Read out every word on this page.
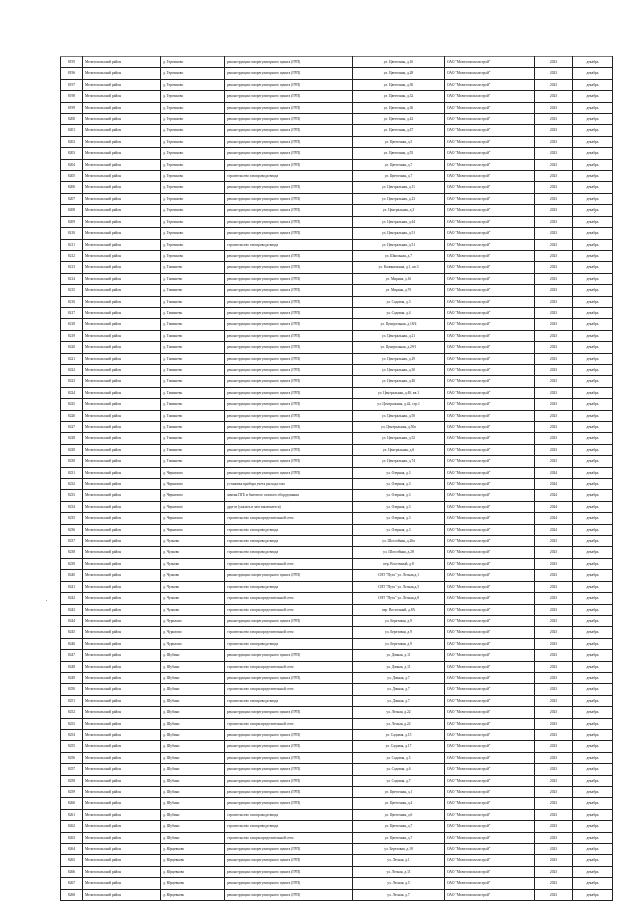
8195	Мелитопольский район	д. Терешково	реконструкция газорегуляторного пункта (ГРП)	ул. Цветочная, д.16	ОАО "Мелитопольгазстрой"	2023	декабрь
8196	Мелитопольский район	д. Терешково	реконструкция газорегуляторного пункта (ГРП)	ул. Цветочная, д.28	ОАО "Мелитопольгазстрой"	2023	декабрь
8197	Мелитопольский район	д. Терешково	реконструкция газорегуляторного пункта (ГРП)	ул. Цветочная, д.30	ОАО "Мелитопольгазстрой"	2023	декабрь
8198	Мелитопольский район	д. Терешково	реконструкция газорегуляторного пункта (ГРП)	ул. Цветочная, д.32	ОАО "Мелитопольгазстрой"	2023	декабрь
8199	Мелитопольский район	д. Терешково	реконструкция газорегуляторного пункта (ГРП)	ул. Цветочная, д.36	ОАО "Мелитопольгазстрой"	2023	декабрь
8200	Мелитопольский район	д. Терешково	реконструкция газорегуляторного пункта (ГРП)	ул. Цветочная, д.42	ОАО "Мелитопольгазстрой"	2023	декабрь
8201	Мелитопольский район	д. Терешково	реконструкция газорегуляторного пункта (ГРП)	ул. Цветочная, д.47	ОАО "Мелитопольгазстрой"	2023	декабрь
8202	Мелитопольский район	д. Терешково	реконструкция газорегуляторного пункта (ГРП)	ул. Цветочная, д.5	ОАО "Мелитопольгазстрой"	2023	декабрь
8203	Мелитопольский район	д. Терешково	реконструкция газорегуляторного пункта (ГРП)	ул. Цветочная, д.55	ОАО "Мелитопольгазстрой"	2023	декабрь
8204	Мелитопольский район	д. Терешково	реконструкция газорегуляторного пункта (ГРП)	ул. Цветочная, д.7	ОАО "Мелитопольгазстрой"	2023	декабрь
8205	Мелитопольский район	д. Терешково	строительство газопровода-ввода	ул. Цветочная, д.7	ОАО "Мелитопольгазстрой"	2023	декабрь
8206	Мелитопольский район	д. Терешково	реконструкция газорегуляторного пункта (ГРП)	ул. Центральная, д.11	ОАО "Мелитопольгазстрой"	2023	декабрь
8207	Мелитопольский район	д. Терешково	реконструкция газорегуляторного пункта (ГРП)	ул. Центральная, д.23	ОАО "Мелитопольгазстрой"	2023	декабрь
8208	Мелитопольский район	д. Терешково	реконструкция газорегуляторного пункта (ГРП)	ул. Центральная, д.3	ОАО "Мелитопольгазстрой"	2023	декабрь
8209	Мелитопольский район	д. Терешково	реконструкция газорегуляторного пункта (ГРП)	ул. Центральная, д.44	ОАО "Мелитопольгазстрой"	2023	декабрь
8210	Мелитопольский район	д. Терешково	реконструкция газорегуляторного пункта (ГРП)	ул. Центральная, д.51	ОАО "Мелитопольгазстрой"	2023	декабрь
8211	Мелитопольский район	д. Терешково	строительство газопровода-ввода	ул. Центральная, д.51	ОАО "Мелитопольгазстрой"	2023	декабрь
8212	Мелитопольский район	д. Терешково	реконструкция газорегуляторного пункта (ГРП)	ул. Школьная, д.7	ОАО "Мелитопольгазстрой"	2023	декабрь
8213	Мелитопольский район	д. Тимашево	реконструкция газорегуляторного пункта (ГРП)	ул. Калиничкина, д.1, кв.3	ОАО "Мелитопольгазстрой"	2023	декабрь
8214	Мелитопольский район	д. Тимашево	реконструкция газорегуляторного пункта (ГРП)	ул. Мирная, д.16	ОАО "Мелитопольгазстрой"	2023	декабрь
8215	Мелитопольский район	д. Тимашево	реконструкция газорегуляторного пункта (ГРП)	ул. Мирная, д.7б	ОАО "Мелитопольгазстрой"	2023	декабрь
8216	Мелитопольский район	д. Тимашево	реконструкция газорегуляторного пункта (ГРП)	ул. Садовая, д.3	ОАО "Мелитопольгазстрой"	2023	декабрь
8217	Мелитопольский район	д. Тимашево	реконструкция газорегуляторного пункта (ГРП)	ул. Садовая, д.4	ОАО "Мелитопольгазстрой"	2023	декабрь
8218	Мелитопольский район	д. Тимашево	реконструкция газорегуляторного пункта (ГРП)	ул. Центральная, д.18/4	ОАО "Мелитопольгазстрой"	2023	декабрь
8219	Мелитопольский район	д. Тимашево	реконструкция газорегуляторного пункта (ГРП)	ул. Центральная, д.21	ОАО "Мелитопольгазстрой"	2023	декабрь
8220	Мелитопольский район	д. Тимашево	реконструкция газорегуляторного пункта (ГРП)	ул. Центральная, д.29/1	ОАО "Мелитопольгазстрой"	2023	декабрь
8221	Мелитопольский район	д. Тимашево	реконструкция газорегуляторного пункта (ГРП)	ул. Центральная, д.29	ОАО "Мелитопольгазстрой"	2023	декабрь
8222	Мелитопольский район	д. Тимашево	реконструкция газорегуляторного пункта (ГРП)	ул. Центральная, д.30	ОАО "Мелитопольгазстрой"	2023	декабрь
8223	Мелитопольский район	д. Тимашево	реконструкция газорегуляторного пункта (ГРП)	ул. Центральная, д.40	ОАО "Мелитопольгазстрой"	2023	декабрь
8224	Мелитопольский район	д. Тимашево	реконструкция газорегуляторного пункта (ГРП)	ул. Центральная, д.40, кв.1	ОАО "Мелитопольгазстрой"	2023	декабрь
8225	Мелитопольский район	д. Тимашево	реконструкция газорегуляторного пункта (ГРП)	ул. Центральная, д.42, стр.1	ОАО "Мелитопольгазстрой"	2023	декабрь
8226	Мелитопольский район	д. Тимашево	реконструкция газорегуляторного пункта (ГРП)	ул. Центральная, д.50	ОАО "Мелитопольгазстрой"	2023	декабрь
8227	Мелитопольский район	д. Тимашево	реконструкция газорегуляторного пункта (ГРП)	ул. Центральная, д.50а	ОАО "Мелитопольгазстрой"	2023	декабрь
8228	Мелитопольский район	д. Тимашево	реконструкция газорегуляторного пункта (ГРП)	ул. Центральная, д.52	ОАО "Мелитопольгазстрой"	2023	декабрь
8229	Мелитопольский район	д. Тимашево	реконструкция газорегуляторного пункта (ГРП)	ул. Центральная, д.6	ОАО "Мелитопольгазстрой"	2023	декабрь
8230	Мелитопольский район	д. Тимашево	реконструкция газорегуляторного пункта (ГРП)	ул. Центральная, д.74	ОАО "Мелитопольгазстрой"	2023	декабрь
8231	Мелитопольский район	д. Черкизово	реконструкция газорегуляторного пункта (ГРП)	ул. Озерная, д.3	ОАО "Мелитопольгазстрой"	2024	декабрь
8232	Мелитопольский район	д. Черкизово	установка прибора учета расхода газа	ул. Озерная, д.3	ОАО "Мелитопольгазстрой"	2024	декабрь
8233	Мелитопольский район	д. Черкизово	замена ПГБ и бытового газового оборудования	ул. Озерная, д.3	ОАО "Мелитопольгазстрой"	2024	декабрь
8234	Мелитопольский район	д. Черкизово	другое (указать в чем заключается)	ул. Озерная, д.3	ОАО "Мелитопольгазстрой"	2024	декабрь
8235	Мелитопольский район	д. Черкизово	строительство газораспределительной сети	ул. Озерная, д.3	ОАО "Мелитопольгазстрой"	2024	декабрь
8236	Мелитопольский район	д. Черкизово	строительство газопровода-ввода	ул. Озерная, д.3	ОАО "Мелитопольгазстрой"	2024	декабрь
8237	Мелитопольский район	д. Чулково	строительство газопровода-ввода	ул. Шоссейная, д.26а	ОАО "Мелитопольгазстрой"	2023	декабрь
8238	Мелитопольский район	д. Чулково	строительство газопровода-ввода	ул. Шоссейная, д.28	ОАО "Мелитопольгазстрой"	2023	декабрь
8239	Мелитопольский район	д. Чулково	строительство газораспределительной сети	пер. Восточный, д.8	ОАО "Мелитопольгазстрой"	2023	декабрь
8240	Мелитопольский район	д. Чулково	реконструкция газорегуляторного пункта (ГРП)	СНТ "Путь" ул. Лесная,д.1	ОАО "Мелитопольгазстрой"	2023	декабрь
8241	Мелитопольский район	д. Чулково	строительство газопровода-ввода	СНТ "Путь" ул. Лесная,д.5	ОАО "Мелитопольгазстрой"	2023	декабрь
8242	Мелитопольский район	д. Чулково	строительство газораспределительной сети	СНТ "Путь" ул. Лесная,д.8	ОАО "Мелитопольгазстрой"	2023	декабрь
8243	Мелитопольский район	д. Чулково	строительство газораспределительной сети	пер. Восточный, д.8А	ОАО "Мелитопольгазстрой"	2023	декабрь
8244	Мелитопольский район	д. Чурилово	реконструкция газорегуляторного пункта (ГРП)	ул. Березовая, д.9	ОАО "Мелитопольгазстрой"	2023	декабрь
8245	Мелитопольский район	д. Чурилово	строительство газораспределительной сети	ул. Березовая, д.9	ОАО "Мелитопольгазстрой"	2023	декабрь
8246	Мелитопольский район	д. Чурилово	строительство газопровода-ввода	ул. Березовая, д.9	ОАО "Мелитопольгазстрой"	2023	декабрь
8247	Мелитопольский район	д. Шубино	реконструкция газорегуляторного пункта (ГРП)	ул. Дачная, д.11	ОАО "Мелитопольгазстрой"	2023	декабрь
8248	Мелитопольский район	д. Шубино	строительство газораспределительной сети	ул. Дачная, д.11	ОАО "Мелитопольгазстрой"	2023	декабрь
8249	Мелитопольский район	д. Шубино	реконструкция газорегуляторного пункта (ГРП)	ул. Дачная, д.7	ОАО "Мелитопольгазстрой"	2023	декабрь
8250	Мелитопольский район	д. Шубино	строительство газораспределительной сети	ул. Дачная, д.7	ОАО "Мелитопольгазстрой"	2023	декабрь
8251	Мелитопольский район	д. Шубино	строительство газопровода-ввода	ул. Дачная, д.7	ОАО "Мелитопольгазстрой"	2023	декабрь
8252	Мелитопольский район	д. Шубино	реконструкция газорегуляторного пункта (ГРП)	ул. Лесная, д.22	ОАО "Мелитопольгазстрой"	2023	декабрь
8253	Мелитопольский район	д. Шубино	строительство газораспределительной сети	ул. Лесная, д.22	ОАО "Мелитопольгазстрой"	2023	декабрь
8254	Мелитопольский район	д. Шубино	реконструкция газорегуляторного пункта (ГРП)	ул. Садовая, д.15	ОАО "Мелитопольгазстрой"	2023	декабрь
8255	Мелитопольский район	д. Шубино	реконструкция газорегуляторного пункта (ГРП)	ул. Садовая, д.17	ОАО "Мелитопольгазстрой"	2023	декабрь
8256	Мелитопольский район	д. Шубино	реконструкция газорегуляторного пункта (ГРП)	ул. Садовая, д.5	ОАО "Мелитопольгазстрой"	2023	декабрь
8257	Мелитопольский район	д. Шубино	реконструкция газорегуляторного пункта (ГРП)	ул. Садовая, д.6	ОАО "Мелитопольгазстрой"	2023	декабрь
8258	Мелитопольский район	д. Шубино	реконструкция газорегуляторного пункта (ГРП)	ул. Садовая, д.7	ОАО "Мелитопольгазстрой"	2023	декабрь
8259	Мелитопольский район	д. Шубино	реконструкция газорегуляторного пункта (ГРП)	ул. Цветочная, д.1	ОАО "Мелитопольгазстрой"	2023	декабрь
8260	Мелитопольский район	д. Шубино	реконструкция газорегуляторного пункта (ГРП)	ул. Цветочная, д.4	ОАО "Мелитопольгазстрой"	2023	декабрь
8261	Мелитопольский район	д. Шубино	строительство газопровода-ввода	ул. Цветочная, д.6	ОАО "Мелитопольгазстрой"	2023	декабрь
8262	Мелитопольский район	д. Шубино	строительство газопровода-ввода	ул. Цветочная, д.7	ОАО "Мелитопольгазстрой"	2023	декабрь
8263	Мелитопольский район	д. Шубино	строительство газораспределительной сети	ул. Цветочная, д.7	ОАО "Мелитопольгазстрой"	2023	декабрь
8264	Мелитопольский район	д. Юрцевково	реконструкция газорегуляторного пункта (ГРП)	ул. Березовая, д.18	ОАО "Мелитопольгазстрой"	2023	декабрь
8265	Мелитопольский район	д. Юрцевково	реконструкция газорегуляторного пункта (ГРП)	ул. Лесная, д.1	ОАО "Мелитопольгазстрой"	2023	декабрь
8266	Мелитопольский район	д. Юрцевково	реконструкция газорегуляторного пункта (ГРП)	ул. Лесная, д.11	ОАО "Мелитопольгазстрой"	2023	декабрь
8267	Мелитопольский район	д. Юрцевково	реконструкция газорегуляторного пункта (ГРП)	ул. Лесная, д.5	ОАО "Мелитопольгазстрой"	2023	декабрь
8268	Мелитопольский район	д. Юрцевково	реконструкция газорегуляторного пункта (ГРП)	ул. Лесная, д.7	ОАО "Мелитопольгазстрой"	2023	декабрь
